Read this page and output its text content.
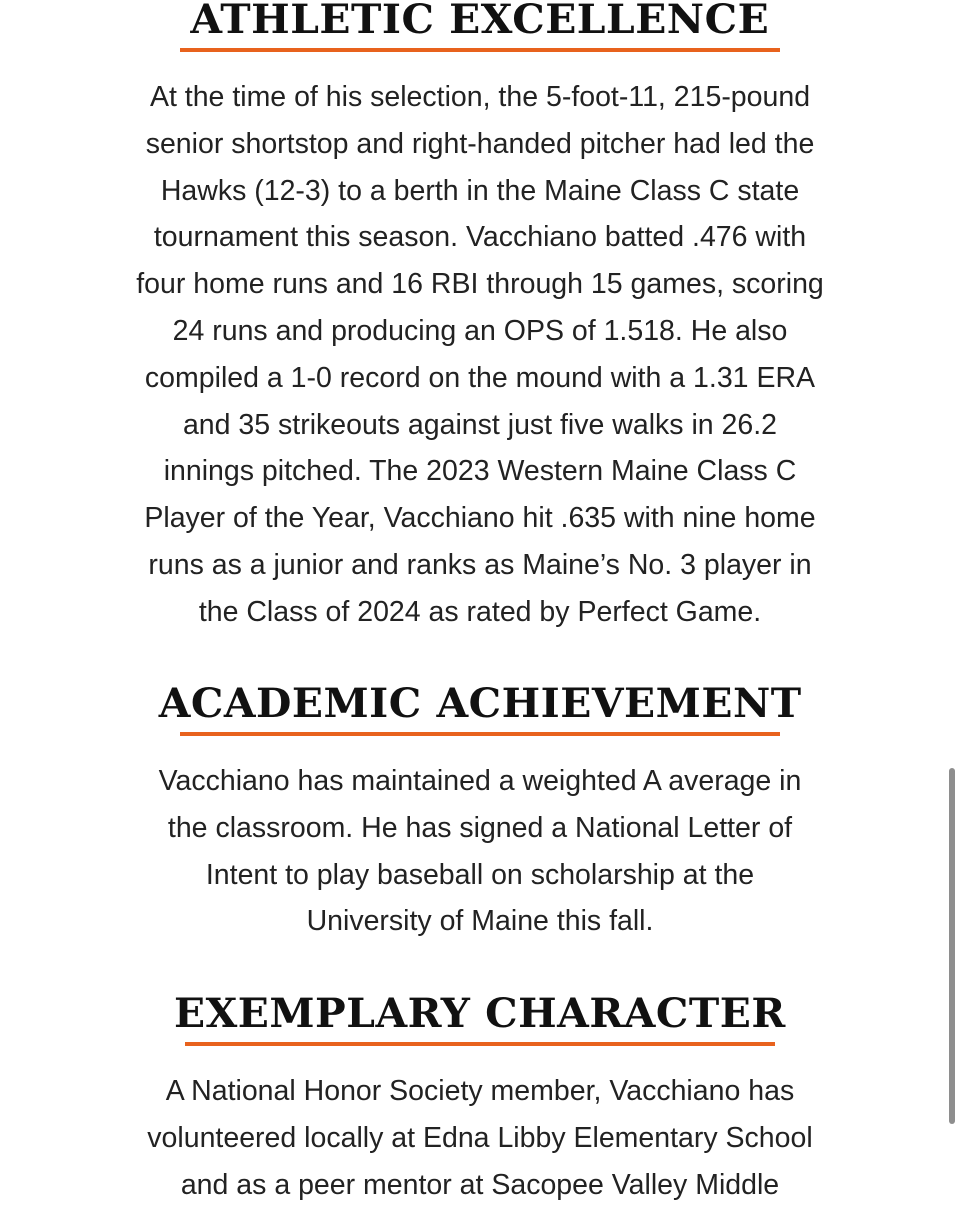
ATHLETIC EXCELLENCE
At the time of his selection, the 5-foot-11, 215-pound
senior shortstop and right-handed pitcher had led the
Hawks (12-3) to a berth in the Maine Class C state
tournament this season. Vacchiano batted .476 with
four home runs and 16 RBI through 15 games, scoring
24 runs and producing an OPS of 1.518. He also
compiled a 1-0 record on the mound with a 1.31 ERA
and 35 strikeouts against just five walks in 26.2
innings pitched. The 2023 Western Maine Class C
Player of the Year, Vacchiano hit .635 with nine home
runs as a junior and ranks as Maine’s No. 3 player in
the Class of 2024 as rated by Perfect Game.
ACADEMIC ACHIEVEMENT
Vacchiano has maintained a weighted A average in
the classroom. He has signed a National Letter of
Intent to play baseball on scholarship at the
University of Maine this fall.
EXEMPLARY CHARACTER
A National Honor Society member, Vacchiano has
volunteered locally at Edna Libby Elementary School
and as a peer mentor at Sacopee Valley Middle
